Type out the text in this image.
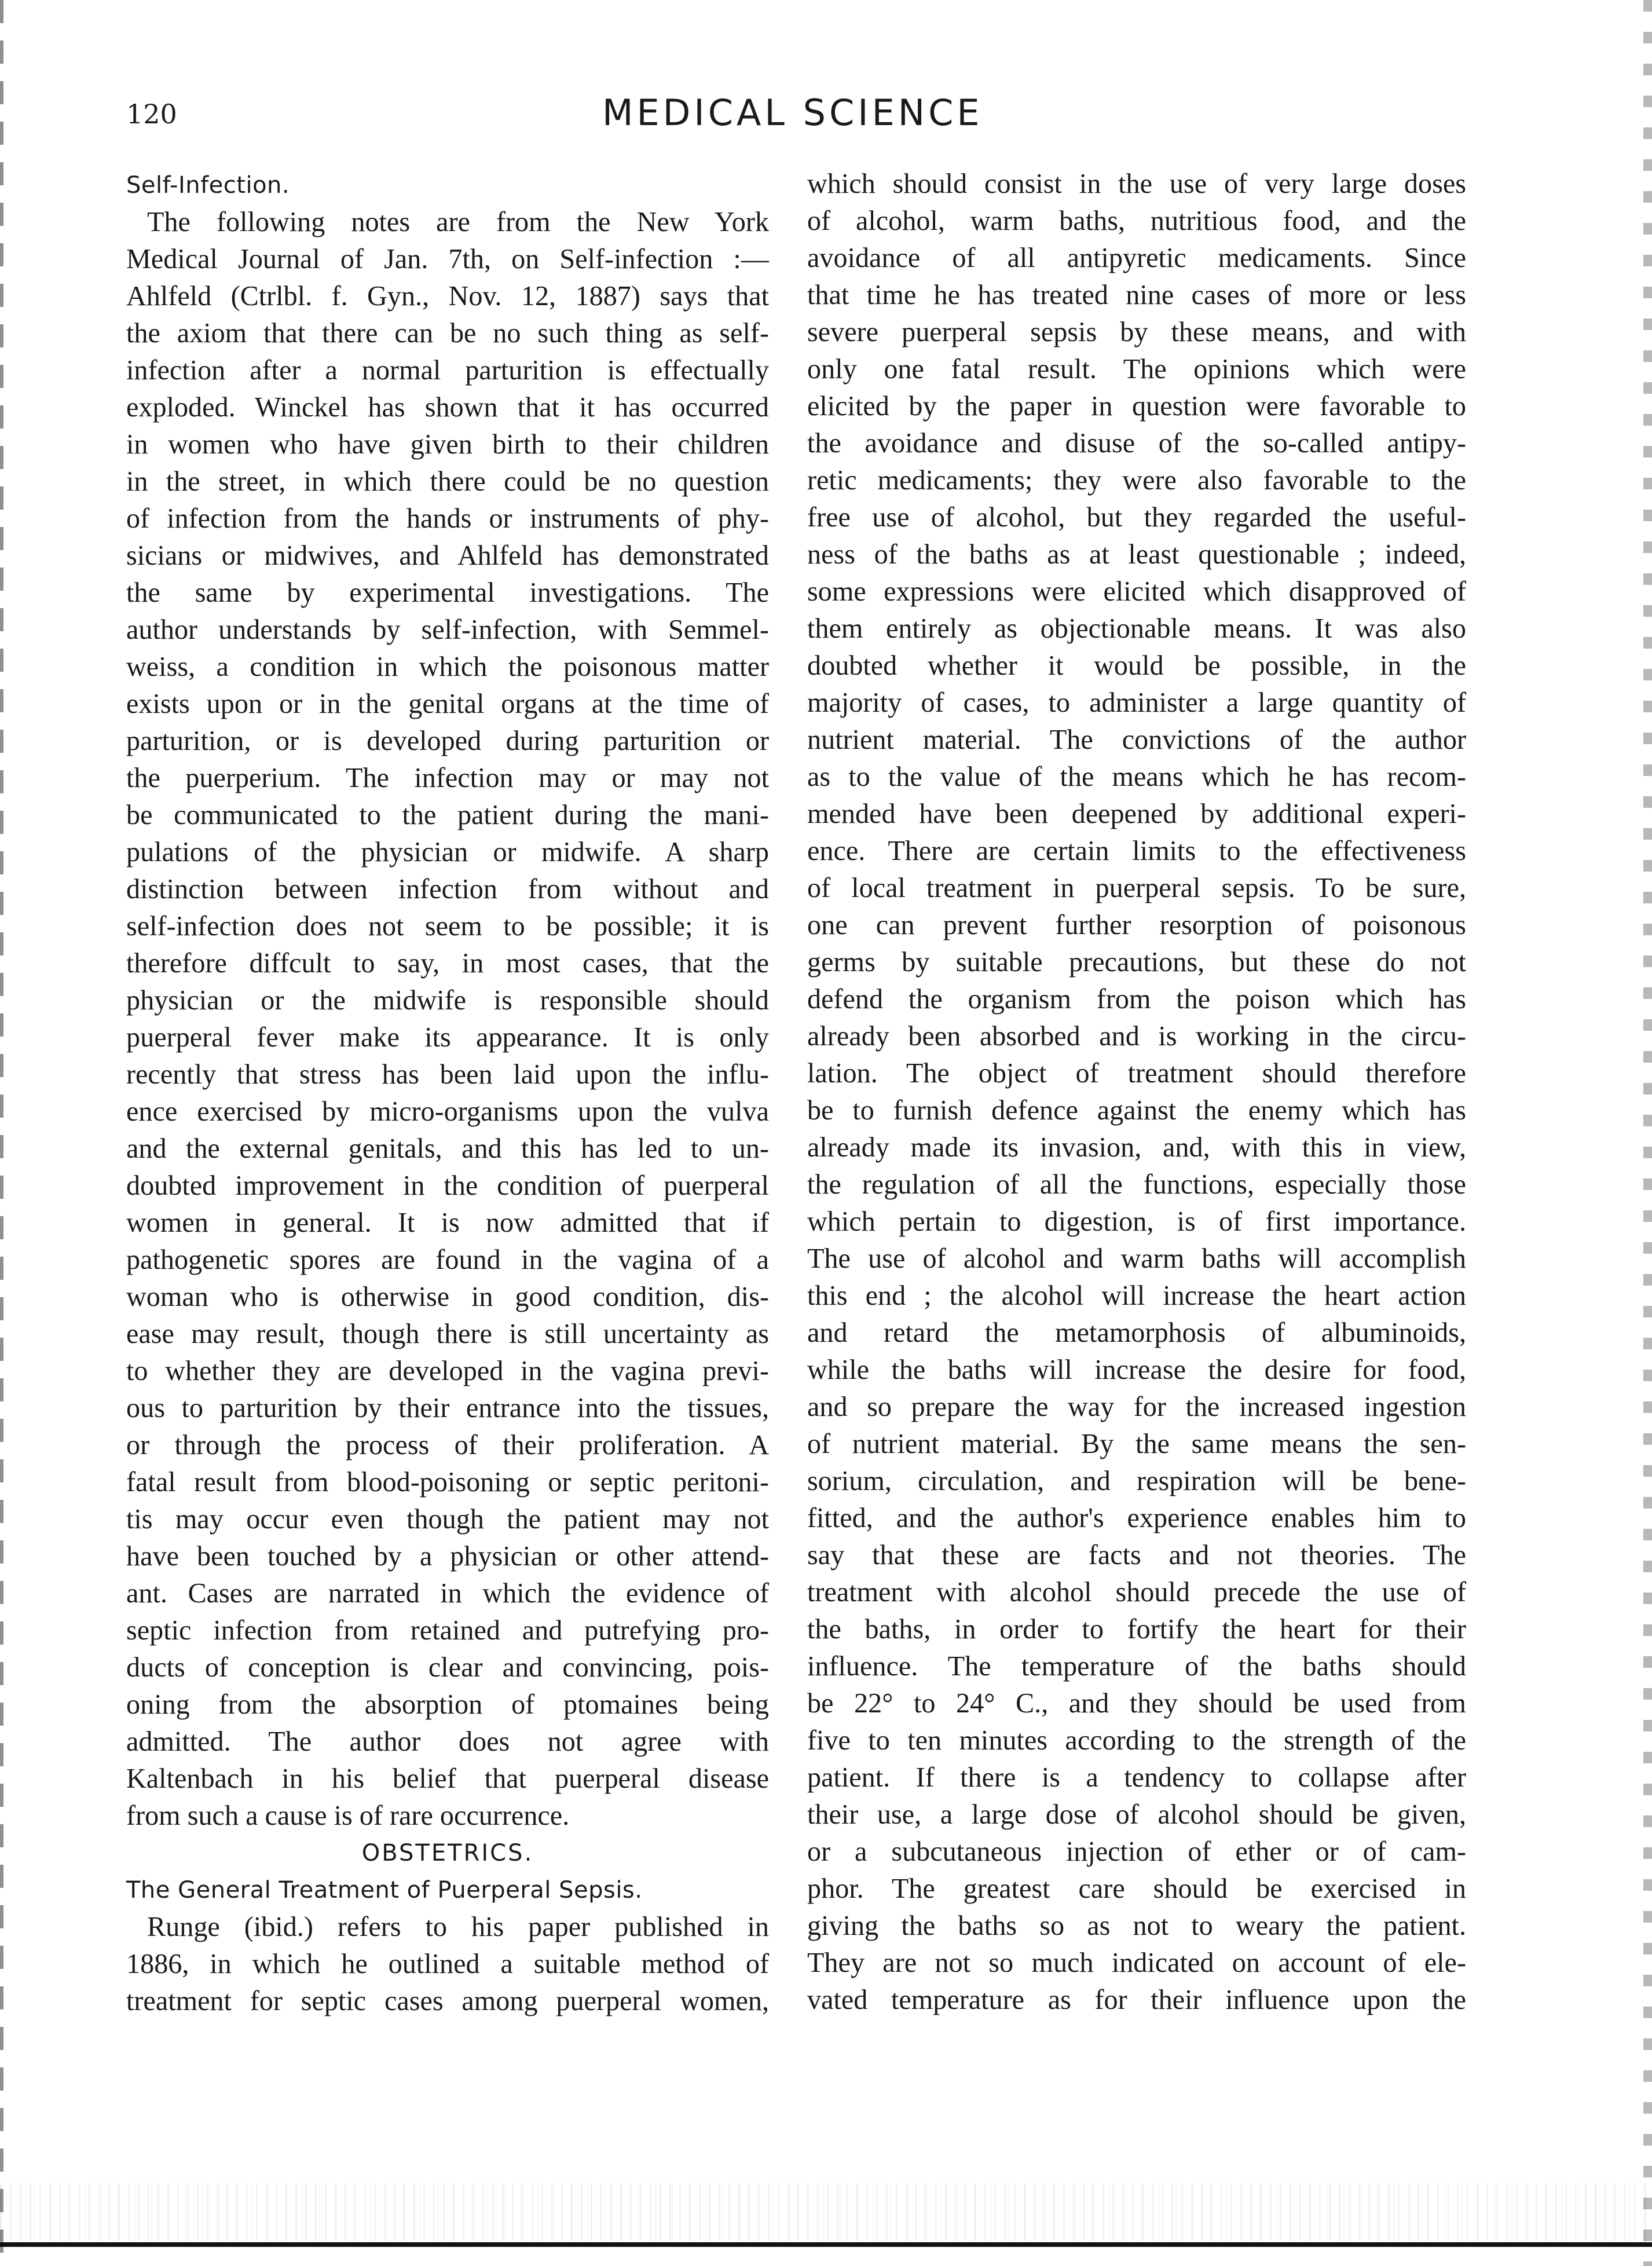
120	MEDICAL SCIENCE
Self-Infection.
The following notes are from the New York
Medical Journal of Jan. 7th, on Self-infection :—
Ahlfeld (Ctrlbl. f. Gyn., Nov. 12, 1887) says that
the axiom that there can be no such thing as self-
infection after a normal parturition is effectually
exploded. Winckel has shown that it has occurred
in women who have given birth to their children
in the street, in which there could be no question
of infection from the hands or instruments of phy-
sicians or midwives, and Ahlfeld has demonstrated
the same by experimental investigations. The
author understands by self-infection, with Semmel-
weiss, a condition in which the poisonous matter
exists upon or in the genital organs at the time of
parturition, or is developed during parturition or
the puerperium. The infection may or may not
be communicated to the patient during the mani-
pulations of the physician or midwife. A sharp
distinction between infection from without and
self-infection does not seem to be possible; it is
therefore diffcult to say, in most cases, that the
physician or the midwife is responsible should
puerperal fever make its appearance. It is only
recently that stress has been laid upon the influ-
ence exercised by micro-organisms upon the vulva
and the external genitals, and this has led to un-
doubted improvement in the condition of puerperal
women in general. It is now admitted that if
pathogenetic spores are found in the vagina of a
woman who is otherwise in good condition, dis-
ease may result, though there is still uncertainty as
to whether they are developed in the vagina previ-
ous to parturition by their entrance into the tissues,
or through the process of their proliferation. A
fatal result from blood-poisoning or septic peritoni-
tis may occur even though the patient may not
have been touched by a physician or other attend-
ant. Cases are narrated in which the evidence of
septic infection from retained and putrefying pro-
ducts of conception is clear and convincing, pois-
oning from the absorption of ptomaines being
admitted. The author does not agree with
Kaltenbach in his belief that puerperal disease
from such a cause is of rare occurrence.
OBSTETRICS.
The General Treatment of Puerperal Sepsis.
Runge (ibid.) refers to his paper published in
1886, in which he outlined a suitable method of
treatment for septic cases among puerperal women,
which should consist in the use of very large doses
of alcohol, warm baths, nutritious food, and the
avoidance of all antipyretic medicaments. Since
that time he has treated nine cases of more or less
severe puerperal sepsis by these means, and with
only one fatal result. The opinions which were
elicited by the paper in question were favorable to
the avoidance and disuse of the so-called antipy-
retic medicaments; they were also favorable to the
free use of alcohol, but they regarded the useful-
ness of the baths as at least questionable ; indeed,
some expressions were elicited which disapproved of
them entirely as objectionable means. It was also
doubted whether it would be possible, in the
majority of cases, to administer a large quantity of
nutrient material. The convictions of the author
as to the value of the means which he has recom-
mended have been deepened by additional experi-
ence. There are certain limits to the effectiveness
of local treatment in puerperal sepsis. To be sure,
one can prevent further resorption of poisonous
germs by suitable precautions, but these do not
defend the organism from the poison which has
already been absorbed and is working in the circu-
lation. The object of treatment should therefore
be to furnish defence against the enemy which has
already made its invasion, and, with this in view,
the regulation of all the functions, especially those
which pertain to digestion, is of first importance.
The use of alcohol and warm baths will accomplish
this end ; the alcohol will increase the heart action
and retard the metamorphosis of albuminoids,
while the baths will increase the desire for food,
and so prepare the way for the increased ingestion
of nutrient material. By the same means the sen-
sorium, circulation, and respiration will be bene-
fitted, and the author's experience enables him to
say that these are facts and not theories. The
treatment with alcohol should precede the use of
the baths, in order to fortify the heart for their
influence. The temperature of the baths should
be 22° to 24° C., and they should be used from
five to ten minutes according to the strength of the
patient. If there is a tendency to collapse after
their use, a large dose of alcohol should be given,
or a subcutaneous injection of ether or of cam-
phor. The greatest care should be exercised in
giving the baths so as not to weary the patient.
They are not so much indicated on account of ele-
vated temperature as for their influence upon the
